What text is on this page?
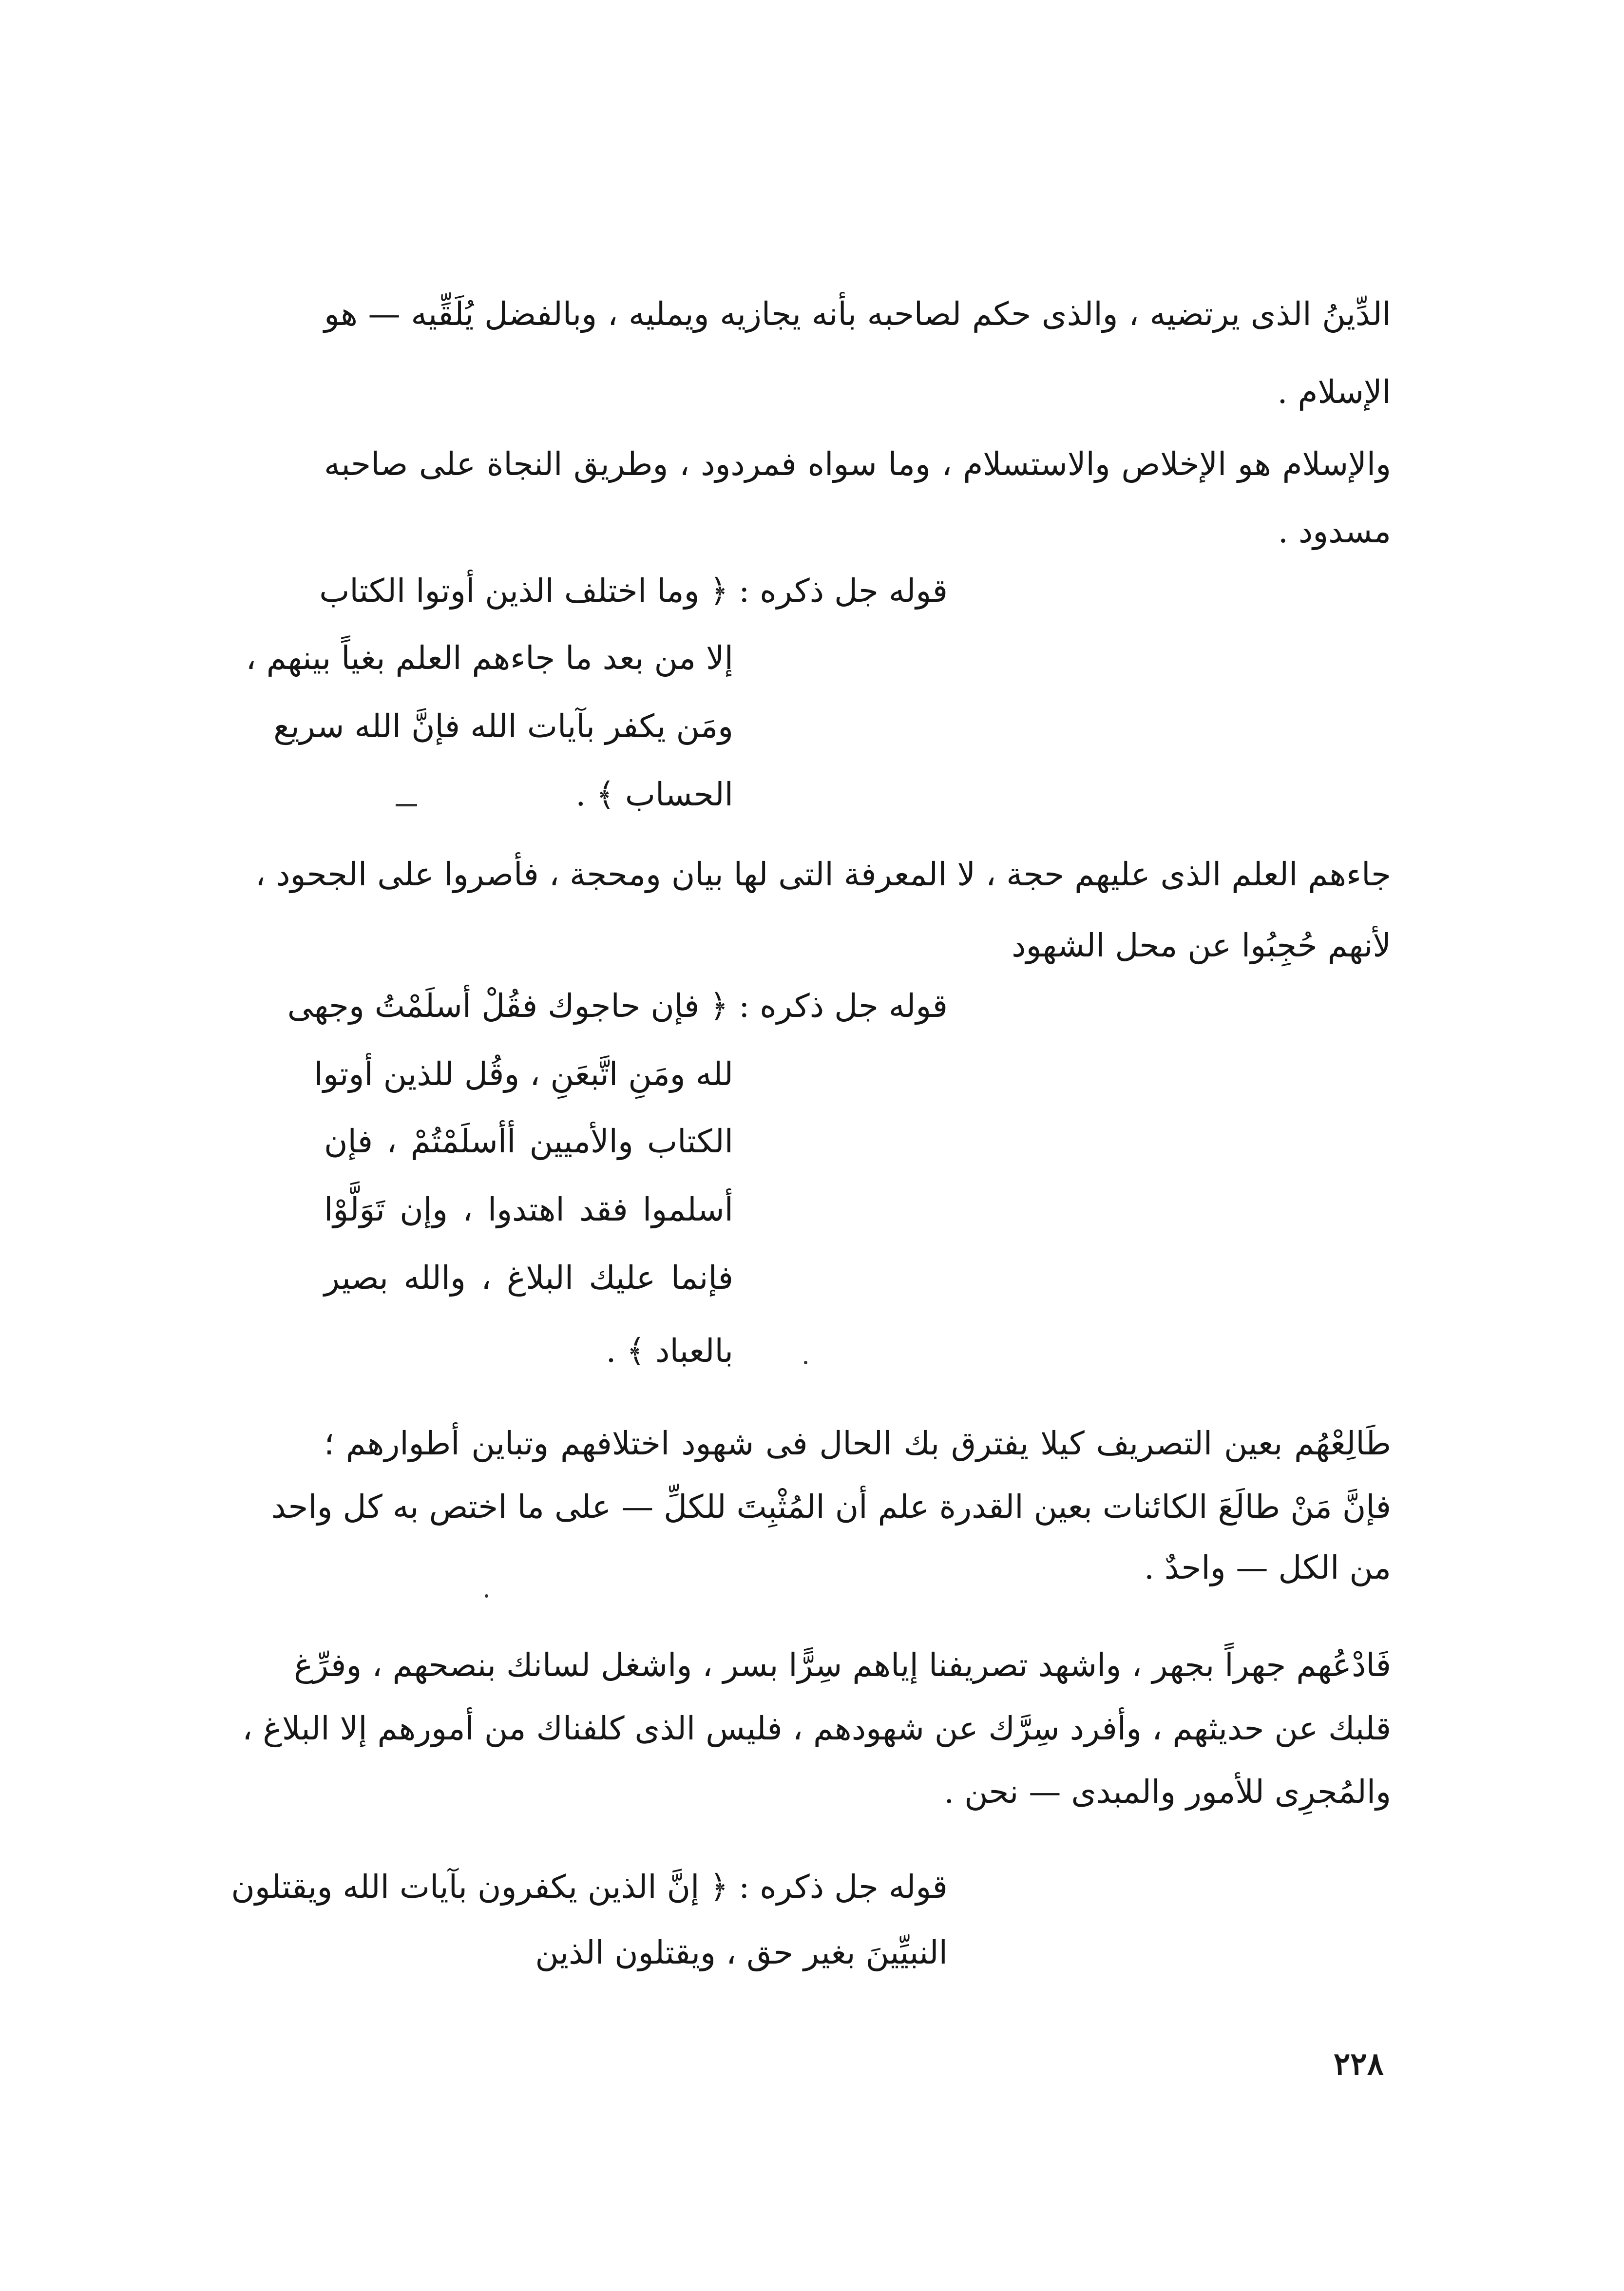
الدِّينُ الذى يرتضيه ، والذى حكم لصاحبه بأنه يجازيه ويمليه ، وبالفضل يُلَقِّيه — هو

الإسلام .

والإسلام هو الإخلاص والاستسلام ، وما سواه فمردود ، وطريق النجاة على صاحبه

مسدود .

قوله جل ذكره : ﴿ وما اختلف الذين أوتوا الكتاب

إلا من بعد ما جاءهم العلم بغياً بينهم ،

ومَن يكفر بآيات الله فإنَّ الله سريع

الحساب ﴾ .

جاءهم العلم الذى عليهم حجة ، لا المعرفة التى لها بيان ومحجة ، فأصروا على الجحود ،

لأنهم حُجِبُوا عن محل الشهود

قوله جل ذكره : ﴿ فإن حاجوك فقُلْ أسلَمْتُ وجهى

لله ومَنِ اتَّبعَنِ ، وقُل للذين أوتوا

الكتاب والأميين أأسلَمْتُمْ ، فإن

أسلموا فقد اهتدوا ، وإن تَوَلَّوْا

فإنما عليك البلاغ ، والله بصير

بالعباد ﴾ .

طَالِعْهُم بعين التصريف كيلا يفترق بك الحال فى شهود اختلافهم وتباين أطوارهم ؛

فإنَّ مَنْ طالَعَ الكائنات بعين القدرة علم أن المُثْبِتَ للكلِّ — على ما اختص به كل واحد

من الكل — واحدٌ .

فَادْعُهم جهراً بجهر ، واشهد تصريفنا إياهم سِرًّا بسر ، واشغل لسانك بنصحهم ، وفرِّغ

قلبك عن حديثهم ، وأفرد سِرَّك عن شهودهم ، فليس الذى كلفناك من أمورهم إلا البلاغ ،

والمُجرِى للأمور والمبدى — نحن .

قوله جل ذكره : ﴿ إنَّ الذين يكفرون بآيات الله ويقتلون

النبيِّينَ بغير حق ، ويقتلون الذين

٢٢٨
